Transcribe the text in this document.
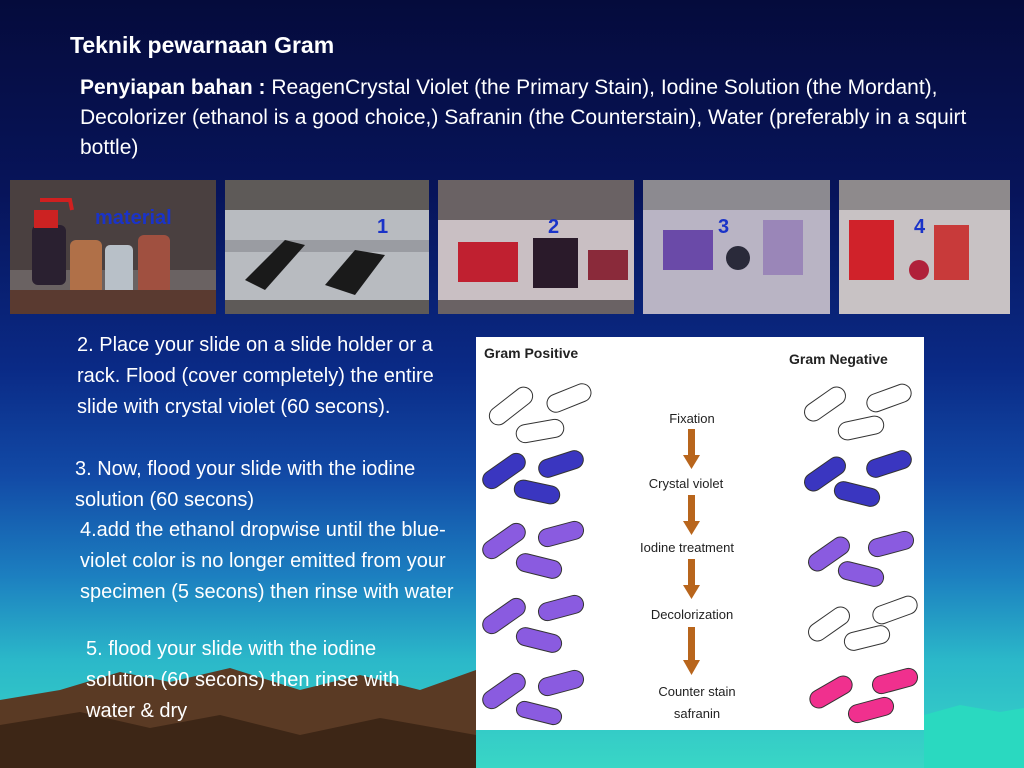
Teknik pewarnaan Gram
Penyiapan bahan : ReagenCrystal Violet (the Primary Stain), Iodine Solution (the Mordant), Decolorizer (ethanol is a good choice,) Safranin (the Counterstain), Water (preferably in a squirt bottle)
material	1	2	3	4
2. Place your slide on a slide holder or a rack. Flood (cover completely) the entire slide with crystal violet (60 secons).
3. Now, flood your slide with the iodine solution (60 secons)
4.add the ethanol dropwise until the blue-violet color is no longer emitted from your specimen (5 secons) then rinse with water
5. flood your slide with the iodine solution (60 secons) then rinse with water & dry
Gram Positive	Gram Negative
Fixation
Crystal violet
Iodine treatment
Decolorization
Counter stain
safranin
